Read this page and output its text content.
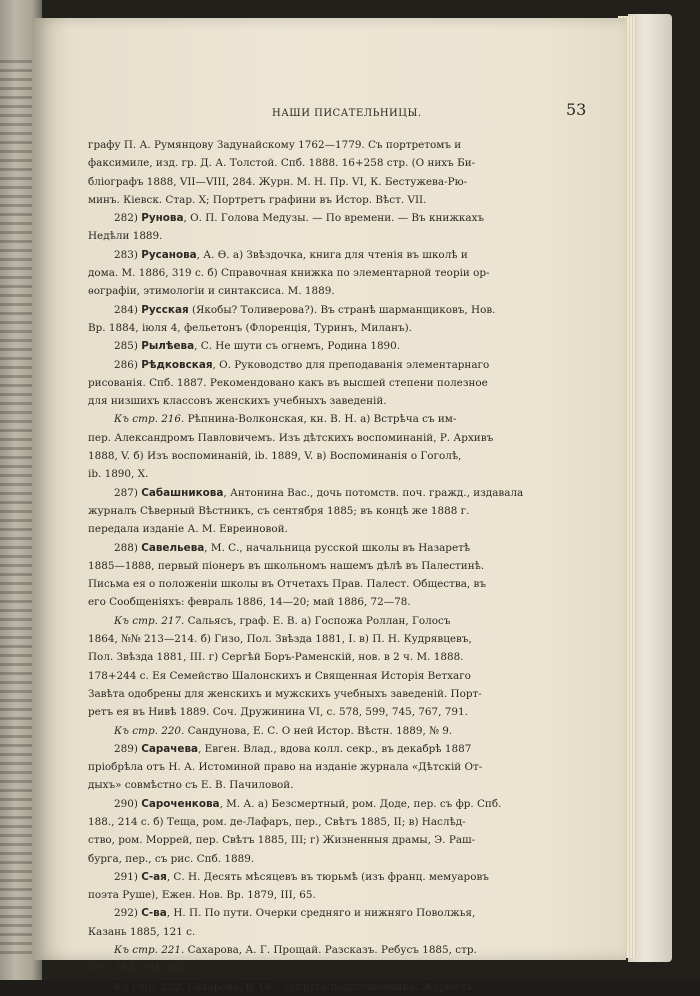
НАШИ ПИСАТЕЛЬНИЦЫ.	53
графу П. А. Румянцову Задунайскому 1762—1779. Съ портретомъ и
факсимиле, изд. гр. Д. А. Толстой. Спб. 1888. 16+258 стр. (О нихъ Би-
бліографъ 1888, VII—VIII, 284. Журн. М. Н. Пр. VI, К. Бестужева-Рю-
минъ. Кіевск. Стар. X; Портретъ графини въ Истор. Вѣст. VII.
282) Рунова, О. П. Голова Медузы. — По времени. — Въ книжкахъ
Недѣли 1889.
283) Русанова, А. Ѳ. а) Звѣздочка, книга для чтенія въ школѣ и
дома. М. 1886, 319 с. б) Справочная книжка по элементарной теоріи ор-
ѳографіи, этимологіи и синтаксиса. М. 1889.
284) Русская (Якобы? Толиверова?). Въ странѣ шарманщиковъ, Нов.
Вр. 1884, іюля 4, фельетонъ (Флоренція, Туринъ, Миланъ).
285) Рылѣева, С. Не шути съ огнемъ, Родина 1890.
286) Рѣдковская, О. Руководство для преподаванія элементарнаго
рисованія. Спб. 1887. Рекомендовано какъ въ высшей степени полезное
для низшихъ классовъ женскихъ учебныхъ заведеній.
Къ стр. 216. Рѣпнина-Волконская, кн. В. Н. а) Встрѣча съ им-
пер. Александромъ Павловичемъ. Изъ дѣтскихъ воспоминаній, Р. Архивъ
1888, V. б) Изъ воспоминаній, ib. 1889, V. в) Воспоминанія о Гоголѣ,
ib. 1890, X.
287) Сабашникова, Антонина Вас., дочь потомств. поч. гражд., издавала
журналъ Сѣверный Вѣстникъ, съ сентября 1885; въ концѣ же 1888 г.
передала изданіе А. М. Евреиновой.
288) Савельева, М. С., начальница русской школы въ Назаретѣ
1885—1888, первый піонеръ въ школьномъ нашемъ дѣлѣ въ Палестинѣ.
Письма ея о положеніи школы въ Отчетахъ Прав. Палест. Общества, въ
его Сообщеніяхъ: февраль 1886, 14—20; май 1886, 72—78.
Къ стр. 217. Сальясъ, граф. Е. В. а) Госпожа Роллан, Голосъ
1864, №№ 213—214. б) Гизо, Пол. Звѣзда 1881, I. в) П. Н. Кудрявцевъ,
Пол. Звѣзда 1881, III. г) Сергѣй Боръ-Раменскій, нов. в 2 ч. М. 1888.
178+244 с. Ея Семейство Шалонскихъ и Священная Исторія Ветхаго
Завѣта одобрены для женскихъ и мужскихъ учебныхъ заведеній. Порт-
ретъ ея въ Нивѣ 1889. Соч. Дружинина VI, с. 578, 599, 745, 767, 791.
Къ стр. 220. Сандунова, Е. С. О ней Истор. Вѣстн. 1889, № 9.
289) Сарачева, Евген. Влад., вдова колл. секр., въ декабрѣ 1887
пріобрѣла отъ Н. А. Истоминой право на изданіе журнала «Дѣтскій От-
дыхъ» совмѣстно съ Е. В. Пачиловой.
290) Сароченкова, М. А. а) Безсмертный, ром. Доде, пер. съ фр. Спб.
188., 214 с. б) Теща, ром. де-Лафаръ, пер., Свѣтъ 1885, II; в) Наслѣд-
ство, ром. Моррей, пер. Свѣтъ 1885, III; г) Жизненныя драмы, Э. Раш-
бурга, пер., съ рис. Спб. 1889.
291) С-ая, С. Н. Десять мѣсяцевъ въ тюрьмѣ (изъ франц. мемуаровъ
поэта Руше), Ежен. Нов. Вр. 1879, III, 65.
292) С-ва, Н. П. По пути. Очерки средняго и нижняго Поволжья,
Казань 1885, 121 с.
Къ стр. 221. Сахарова, А. Г. Прощай. Разсказъ. Ребусъ 1885, стр.
276, 284, 294, 302.
Къ стр. 222. Сахарова, В. Ос., супруга подполковника. Журналъ
